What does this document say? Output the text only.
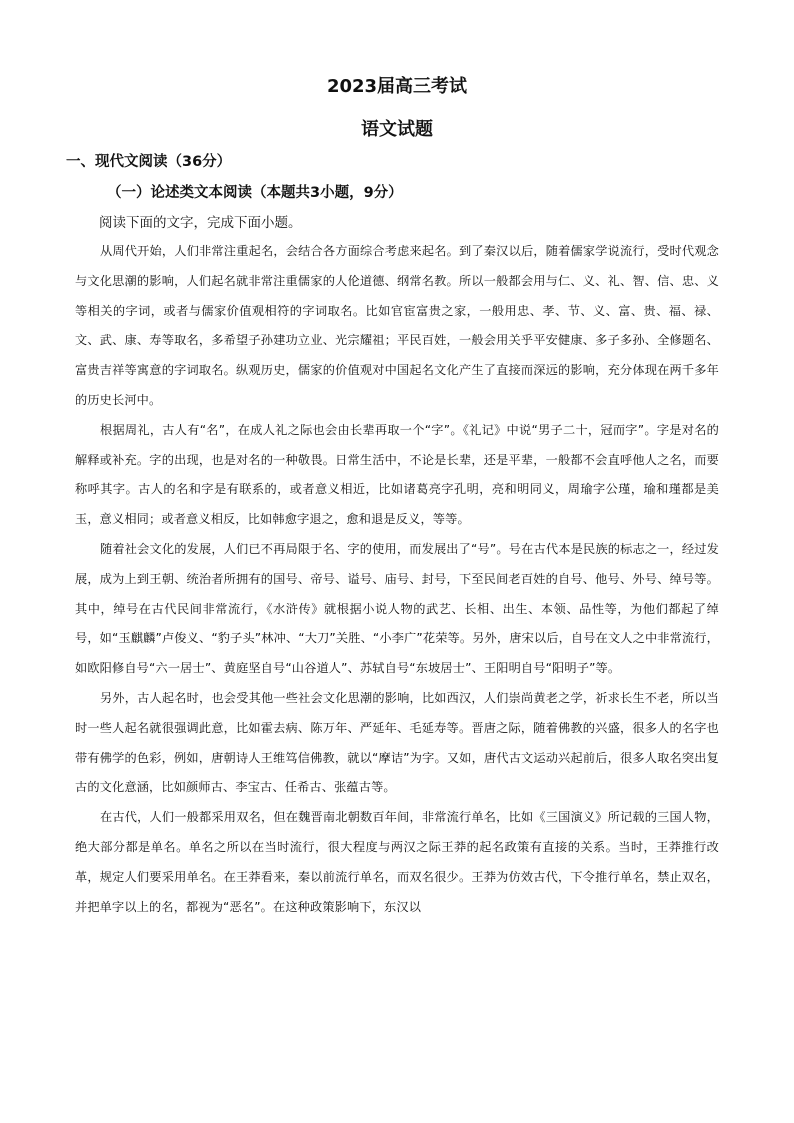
2023届高三考试
语文试题
一、现代文阅读（36分）
（一）论述类文本阅读（本题共3小题，9分）
阅读下面的文字，完成下面小题。

从周代开始，人们非常注重起名，会结合各方面综合考虑来起名。到了秦汉以后，随着儒家学说流行，受时代观念与文化思潮的影响，人们起名就非常注重儒家的人伦道德、纲常名教。所以一般都会用与仁、义、礼、智、信、忠、义等相关的字词，或者与儒家价值观相符的字词取名。比如官宦富贵之家，一般用忠、孝、节、义、富、贵、福、禄、文、武、康、寿等取名，多希望子孙建功立业、光宗耀祖；平民百姓，一般会用关乎平安健康、多子多孙、全修题名、富贵吉祥等寓意的字词取名。纵观历史，儒家的价值观对中国起名文化产生了直接而深远的影响，充分体现在两千多年的历史长河中。

根据周礼，古人有“名”，在成人礼之际也会由长辈再取一个“字”。《礼记》中说“男子二十，冠而字”。字是对名的解释或补充。字的出现，也是对名的一种敬畏。日常生活中，不论是长辈，还是平辈，一般都不会直呼他人之名，而要称呼其字。古人的名和字是有联系的，或者意义相近，比如诸葛亮字孔明，亮和明同义，周瑜字公瑾，瑜和瑾都是美玉，意义相同；或者意义相反，比如韩愈字退之，愈和退是反义，等等。

随着社会文化的发展，人们已不再局限于名、字的使用，而发展出了“号”。号在古代本是民族的标志之一，经过发展，成为上到王朝、统治者所拥有的国号、帝号、谥号、庙号、封号，下至民间老百姓的自号、他号、外号、绰号等。其中，绰号在古代民间非常流行，《水浒传》就根据小说人物的武艺、长相、出生、本领、品性等，为他们都起了绰号，如“玉麒麟”卢俊义、“豹子头”林冲、“大刀”关胜、“小李广”花荣等。另外，唐宋以后，自号在文人之中非常流行，如欧阳修自号“六一居士”、黄庭坚自号“山谷道人”、苏轼自号“东坡居士”、王阳明自号“阳明子”等。

另外，古人起名时，也会受其他一些社会文化思潮的影响，比如西汉，人们崇尚黄老之学，祈求长生不老，所以当时一些人起名就很强调此意，比如霍去病、陈万年、严延年、毛延寿等。晋唐之际，随着佛教的兴盛，很多人的名字也带有佛学的色彩，例如，唐朝诗人王维笃信佛教，就以“摩诘”为字。又如，唐代古文运动兴起前后，很多人取名突出复古的文化意涵，比如颜师古、李宝古、任希古、张蕴古等。

在古代，人们一般都采用双名，但在魏晋南北朝数百年间，非常流行单名，比如《三国演义》所记载的三国人物，绝大部分都是单名。单名之所以在当时流行，很大程度与两汉之际王莽的起名政策有直接的关系。当时，王莽推行改革，规定人们要采用单名。在王莽看来，秦以前流行单名，而双名很少。王莽为仿效古代，下令推行单名，禁止双名，并把单字以上的名，都视为“恶名”。在这种政策影响下，东汉以
